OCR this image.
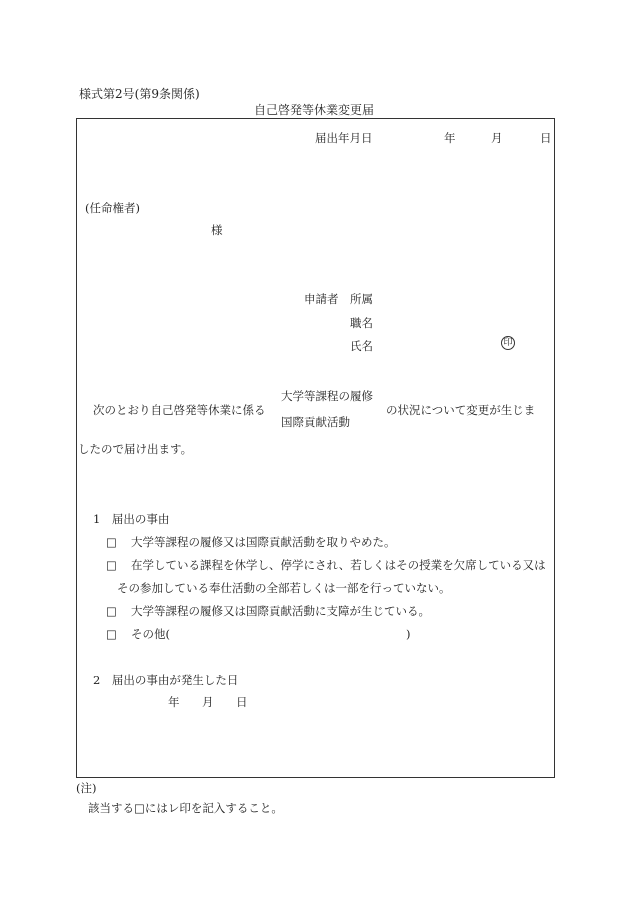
様式第2号(第9条関係)
自己啓発等休業変更届
届出年月日	年	月	日
(任命権者)
様
申請者 所属
職名
氏名	印
次のとおり自己啓発等休業に係る
大学等課程の履修
国際貢献活動
の状況について変更が生じま
したので届け出ます。
1　届出の事由
□ 大学等課程の履修又は国際貢献活動を取りやめた。
□ 在学している課程を休学し、停学にされ、若しくはその授業を欠席している又は
その参加している奉仕活動の全部若しくは一部を行っていない。
□ 大学等課程の履修又は国際貢献活動に支障が生じている。
□ その他(	)
2　届出の事由が発生した日
年 月 日
(注)
該当する□にはレ印を記入すること。
